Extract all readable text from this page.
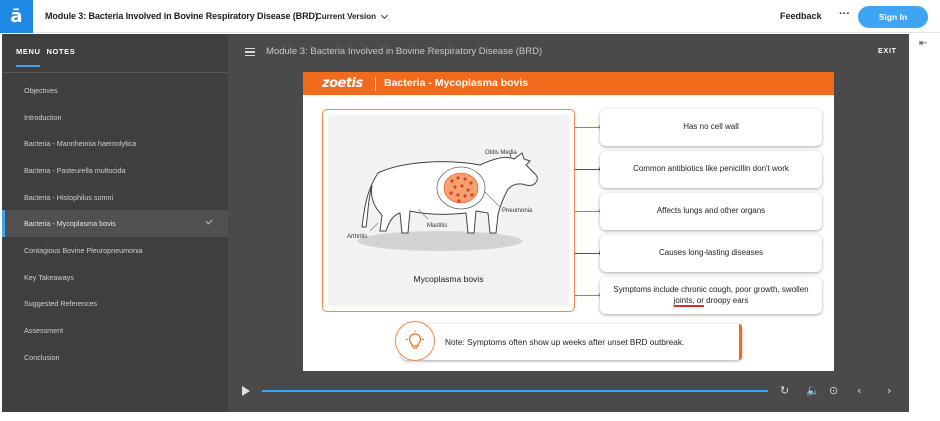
ā	Module 3: Bacteria Involved in Bovine Respiratory Disease (BRD)
Current Version	Feedback ···	Sign In
MENU NOTES
Objectives
Introduction
Bacteria - Mannheimia haemolytica
Bacteria - Pasteurella multocida
Bacteria - Histophilus somni
Bacteria - Mycoplasma bovis
Contagious Bovine Pleuropneumonia
Key Takeaways
Suggested References
Assessment
Conclusion
Module 3: Bacteria Involved in Bovine Respiratory Disease (BRD)	EXIT
zoetis Bacteria - Mycoplasma bovis
Otitis Media
Pneumonia
Mastitis
Arthritis
Mycoplasma bovis
Has no cell wall
Common antibiotics like penicillin don't work
Affects lungs and other organs
Causes long-lasting diseases
Symptoms include chronic cough, poor growth, swollen joints, or droopy ears
Note: Symptoms often show up weeks after unset BRD outbreak.
↻ 🔈 ⊙ ‹ ›
⇤
